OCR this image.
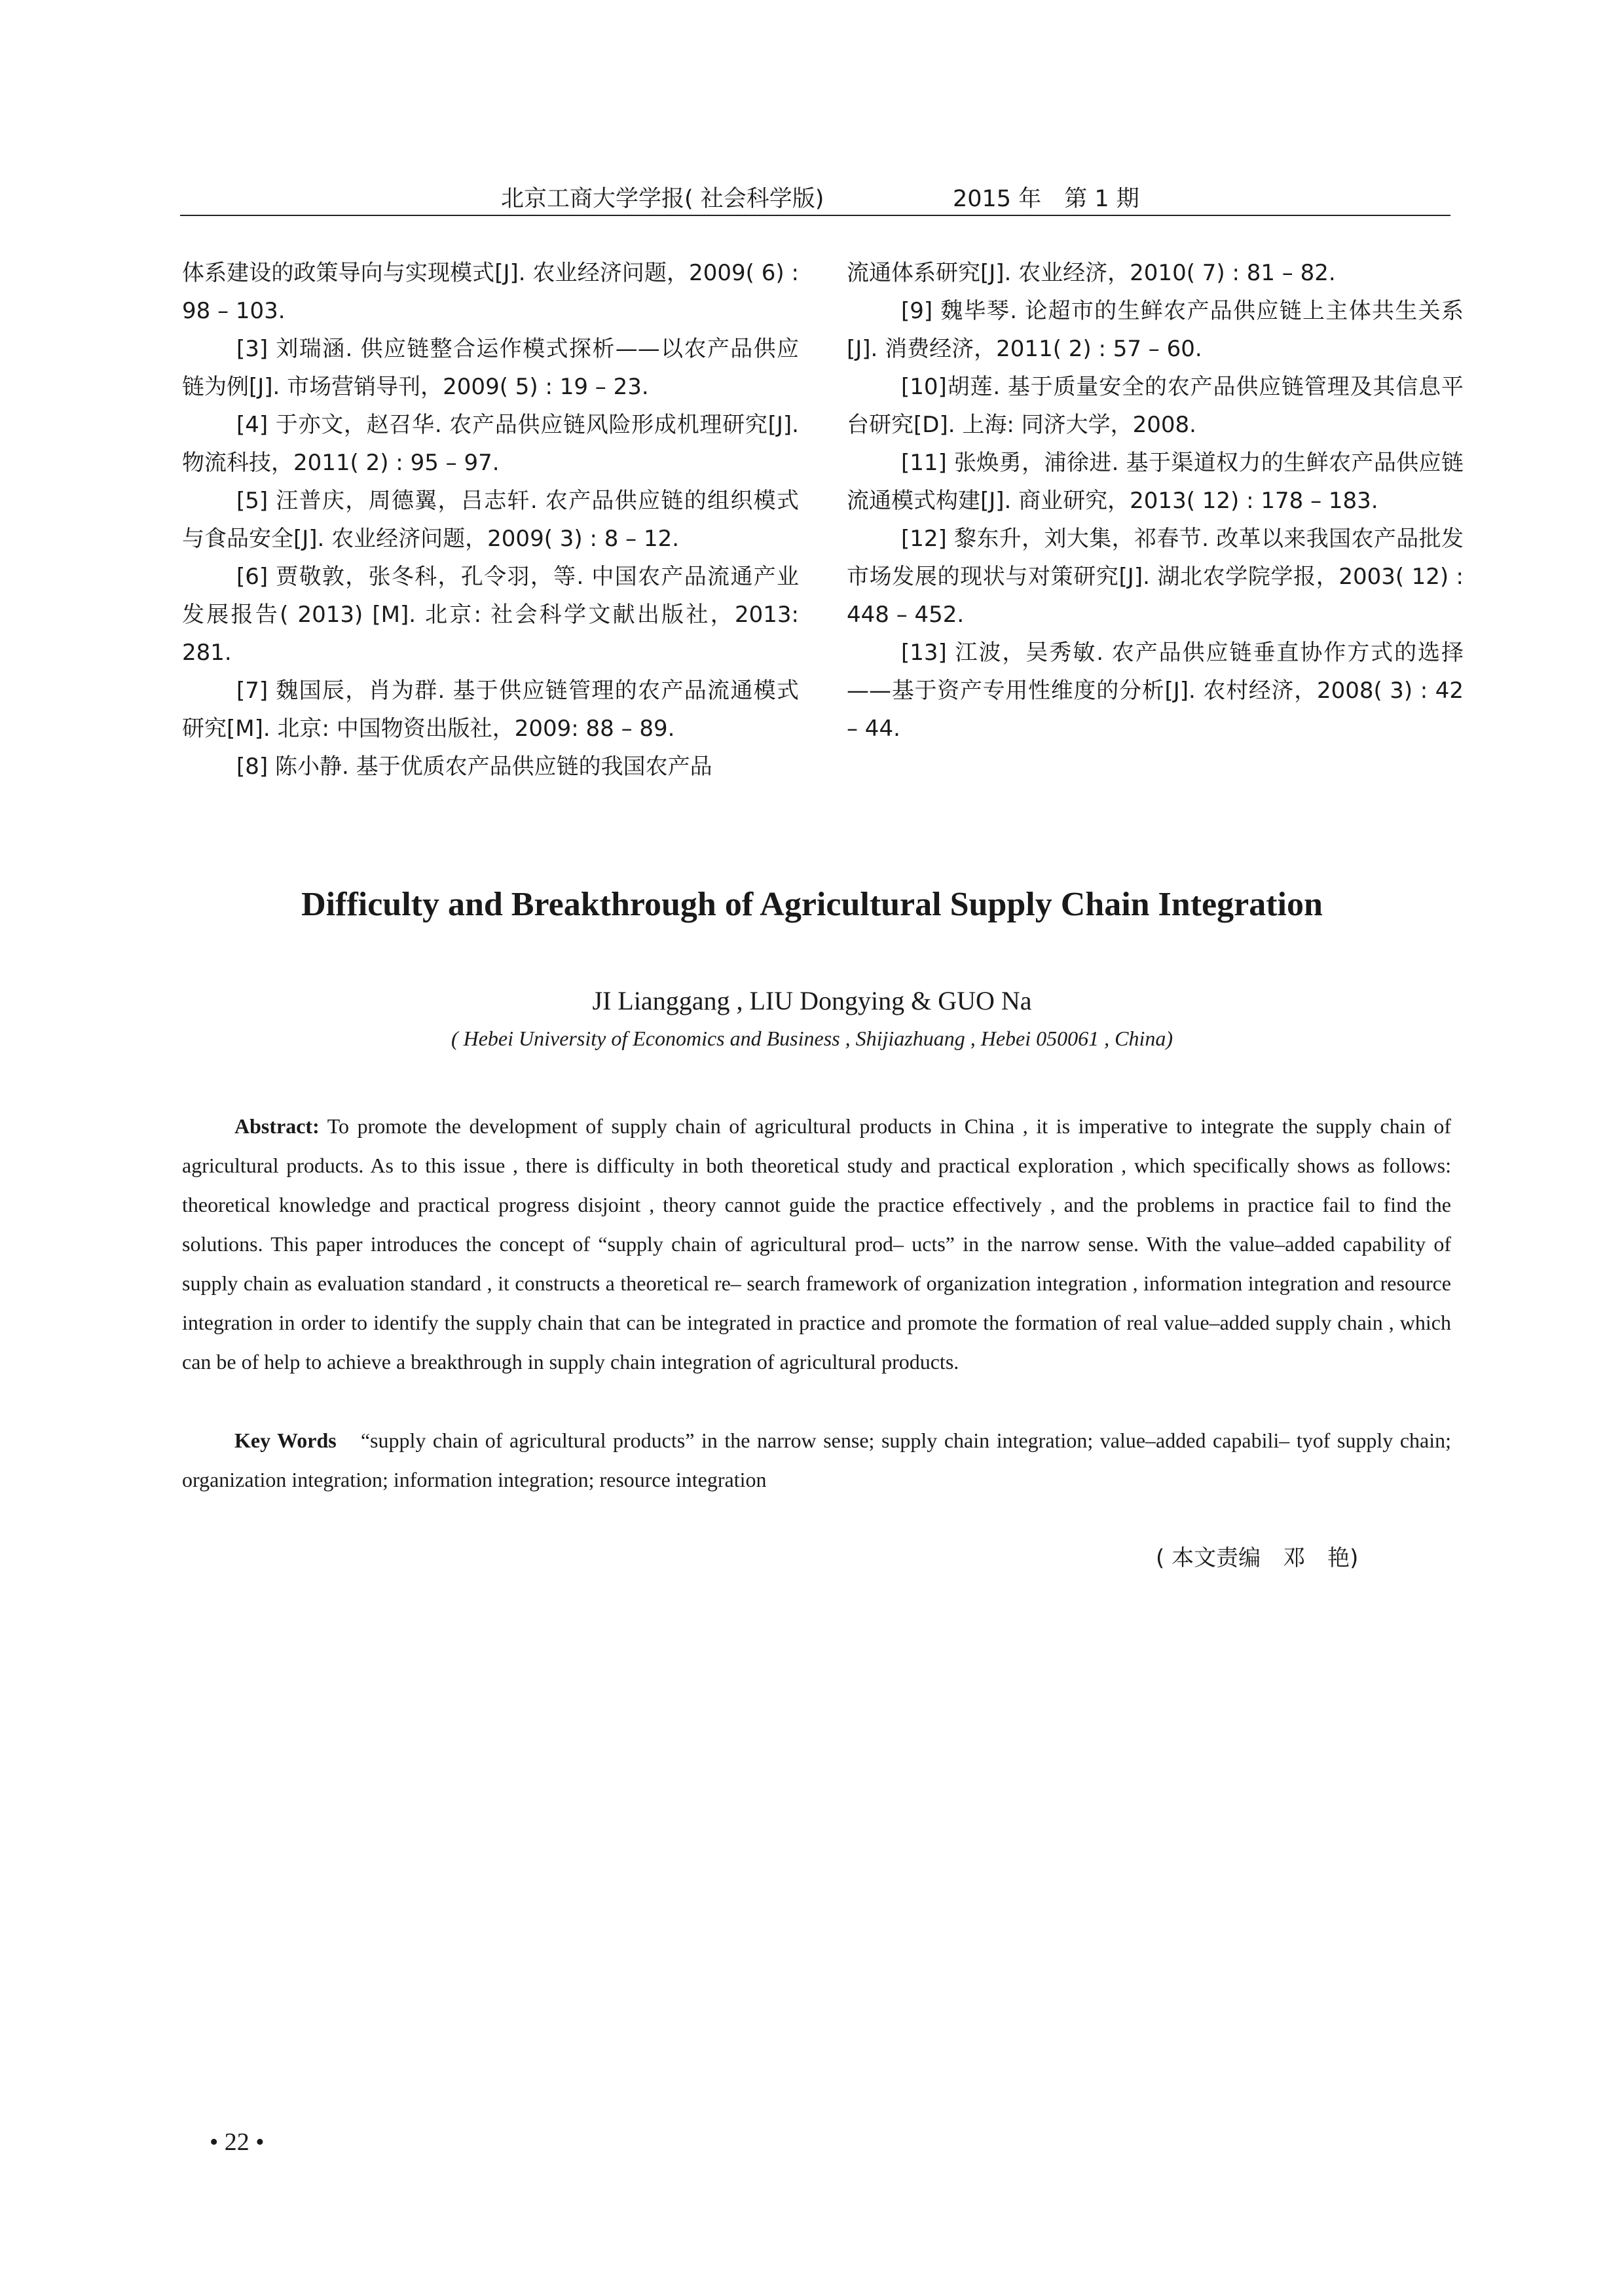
北京工商大学学报( 社会科学版)	2015 年　第 1 期

体系建设的政策导向与实现模式[J]. 农业经济问题，2009( 6) : 98 – 103.

[3] 刘瑞涵. 供应链整合运作模式探析——以农产品供应链为例[J]. 市场营销导刊，2009( 5) : 19 – 23.

[4] 于亦文，赵召华. 农产品供应链风险形成机理研究[J]. 物流科技，2011( 2) : 95 – 97.

[5] 汪普庆，周德翼，吕志轩. 农产品供应链的组织模式与食品安全[J]. 农业经济问题，2009( 3) : 8 – 12.

[6] 贾敬敦，张冬科，孔令羽，等. 中国农产品流通产业发展报告( 2013) [M]. 北京: 社会科学文献出版社，2013: 281.

[7] 魏国辰，肖为群. 基于供应链管理的农产品流通模式研究[M]. 北京: 中国物资出版社，2009: 88 – 89.

[8] 陈小静. 基于优质农产品供应链的我国农产品

流通体系研究[J]. 农业经济，2010( 7) : 81 – 82.

[9] 魏毕琴. 论超市的生鲜农产品供应链上主体共生关系[J]. 消费经济，2011( 2) : 57 – 60.

[10]胡莲. 基于质量安全的农产品供应链管理及其信息平台研究[D]. 上海: 同济大学，2008.

[11] 张焕勇，浦徐进. 基于渠道权力的生鲜农产品供应链流通模式构建[J]. 商业研究，2013( 12) : 178 – 183.

[12] 黎东升，刘大集，祁春节. 改革以来我国农产品批发市场发展的现状与对策研究[J]. 湖北农学院学报，2003( 12) : 448 – 452.

[13] 江波，吴秀敏. 农产品供应链垂直协作方式的选择——基于资产专用性维度的分析[J]. 农村经济，2008( 3) : 42 – 44.

Difficulty and Breakthrough of Agricultural Supply Chain Integration
JI Lianggang , LIU Dongying & GUO Na
( Hebei University of Economics and Business , Shijiazhuang , Hebei 050061 , China)

Abstract: To promote the development of supply chain of agricultural products in China , it is imperative to integrate the supply chain of agricultural products. As to this issue , there is difficulty in both theoretical study and practical exploration , which specifically shows as follows: theoretical knowledge and practical progress disjoint , theory cannot guide the practice effectively , and the problems in practice fail to find the solutions. This paper introduces the concept of “supply chain of agricultural prod– ucts” in the narrow sense. With the value–added capability of supply chain as evaluation standard , it constructs a theoretical re– search framework of organization integration , information integration and resource integration in order to identify the supply chain that can be integrated in practice and promote the formation of real value–added supply chain , which can be of help to achieve a breakthrough in supply chain integration of agricultural products.

Key Words　“supply chain of agricultural products” in the narrow sense; supply chain integration; value–added capabili– tyof supply chain; organization integration; information integration; resource integration

( 本文责编　邓　艳)
• 22 •
